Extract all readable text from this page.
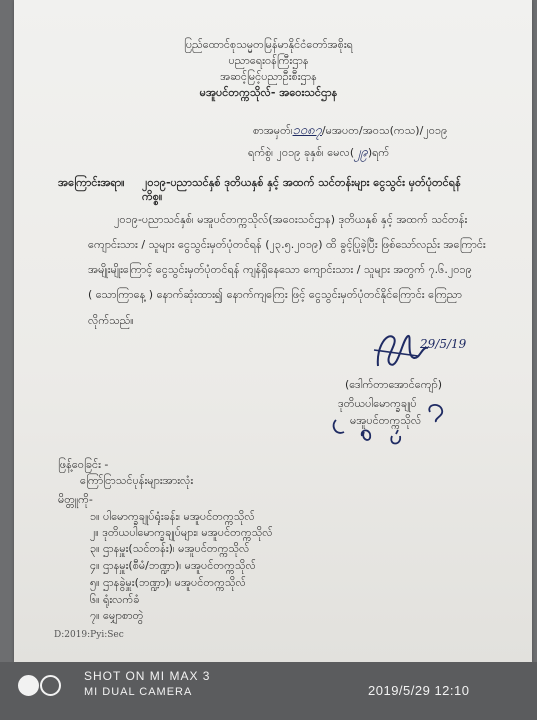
ပြည်ထောင်စုသမ္မတမြန်မာနိုင်ငံတော်အစိုးရ
ပညာရေးဝန်ကြီးဌာန
အဆင့်မြင့်ပညာဦးစီးဌာန
မအူပင်တက္ကသိုလ်- အဝေးသင်ဌာန
စာအမှတ်၊၁၀၈၇/မအပတ/အဝသ(ကသ)/၂၀၁၉
ရက်စွဲ၊ ၂၀၁၉ ခုနှစ်၊ မေလ(၂၉)ရက်
အကြောင်းအရာ။ ၂၀၁၉-ပညာသင်နှစ် ဒုတိယနှစ် နှင့် အထက် သင်တန်းများ ငွေသွင်း မှတ်ပုံတင်ရန်
ကိစ္စ။
၂၀၁၉-ပညာသင်နှစ်၊ မအူပင်တက္ကသိုလ်(အဝေးသင်ဌာန) ဒုတိယနှစ် နှင့် အထက် သင်တန်း
ကျောင်းသား / သူများ ငွေသွင်းမှတ်ပုံတင်ရန် (၂၃.၅.၂၀၁၉) ထိ ခွင့်ပြုခဲ့ပြီး ဖြစ်သော်လည်း အကြောင်း
အမျိုးမျိုးကြောင့် ငွေသွင်းမှတ်ပုံတင်ရန် ကျန်ရှိနေသော ကျောင်းသား / သူများ အတွက် ၇.၆.၂၀၁၉
( သောကြာနေ့ ) နောက်ဆုံးထား၍ နောက်ကျကြေး ဖြင့် ငွေသွင်းမှတ်ပုံတင်နိုင်ကြောင်း ကြေညာ
လိုက်သည်။
29/5/19
(ဒေါက်တာအောင်ကျော်)
ဒုတိယပါမောက္ခချုပ်
မအူပင်တက္ကသိုလ်
ဖြန့်ဝေခြင်း -
ကြော်ငြာသင်ပုန်းများအားလုံး
မိတ္တူကို-
၁။ ပါမောက္ခချုပ်ရုံးခန်း၊ မအူပင်တက္ကသိုလ်
၂။ ဒုတိယပါမောက္ခချုပ်များ၊ မအူပင်တက္ကသိုလ်
၃။ ဌာနမှူး(သင်တန်း)၊ မအူပင်တက္ကသိုလ်
၄။ ဌာနမှူး(စီမံ/ဘဏ္ဍာ)၊ မအူပင်တက္ကသိုလ်
၅။ ဌာနခွဲမှူး(ဘဏ္ဍာ)၊ မအူပင်တက္ကသိုလ်
၆။ ရုံးလက်ခံ
၇။ မျှောစာတွဲ
D:2019:Pyi:Sec
SHOT ON MI MAX 3
MI DUAL CAMERA	2019/5/29 12:10
